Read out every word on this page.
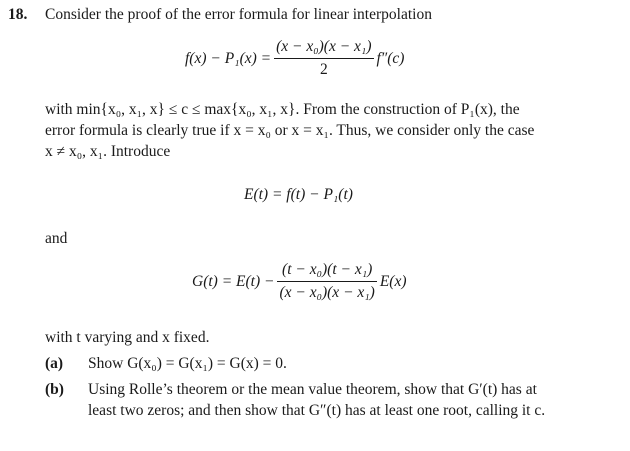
18. Consider the proof of the error formula for linear interpolation
$f(x) - P_1(x) = \frac{\text{(x − x₀)(x − x₁)}}{2} f''(c)$
with min{x₀, x₁, x} ≤ c ≤ max{x₀, x₁, x}. From the construction of P₁(x), the
error formula is clearly true if x = x₀ or x = x₁. Thus, we consider only the case
x ≠ x₀, x₁. Introduce
E(t) = f(t) − P₁(t)
and
$G(t) = E(t) - \frac{\text{(t − x₀)(t − x₁)}}{\text{(x − x₀)(x − x₁)}} E(x)$
with t varying and x fixed.
(a) Show G(x₀) = G(x₁) = G(x) = 0.
(b) Using Rolle’s theorem or the mean value theorem, show that G′(t) has at
least two zeros; and then show that G″(t) has at least one root, calling it c.
